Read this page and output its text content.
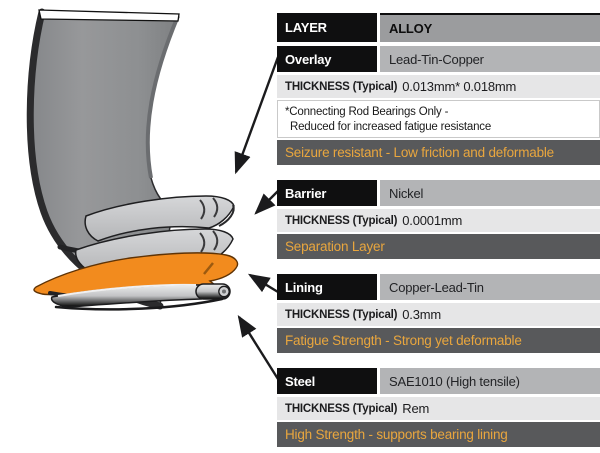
LAYER	ALLOY
Overlay	Lead-Tin-Copper
THICKNESS (Typical) 0.013mm* 0.018mm
*Connecting Rod Bearings Only -
Reduced for increased fatigue resistance
Seizure resistant - Low friction and deformable
Barrier	Nickel
THICKNESS (Typical) 0.0001mm
Separation Layer
Lining	Copper-Lead-Tin
THICKNESS (Typical) 0.3mm
Fatigue Strength - Strong yet deformable
Steel	SAE1010 (High tensile)
THICKNESS (Typical) Rem
High Strength - supports bearing lining
